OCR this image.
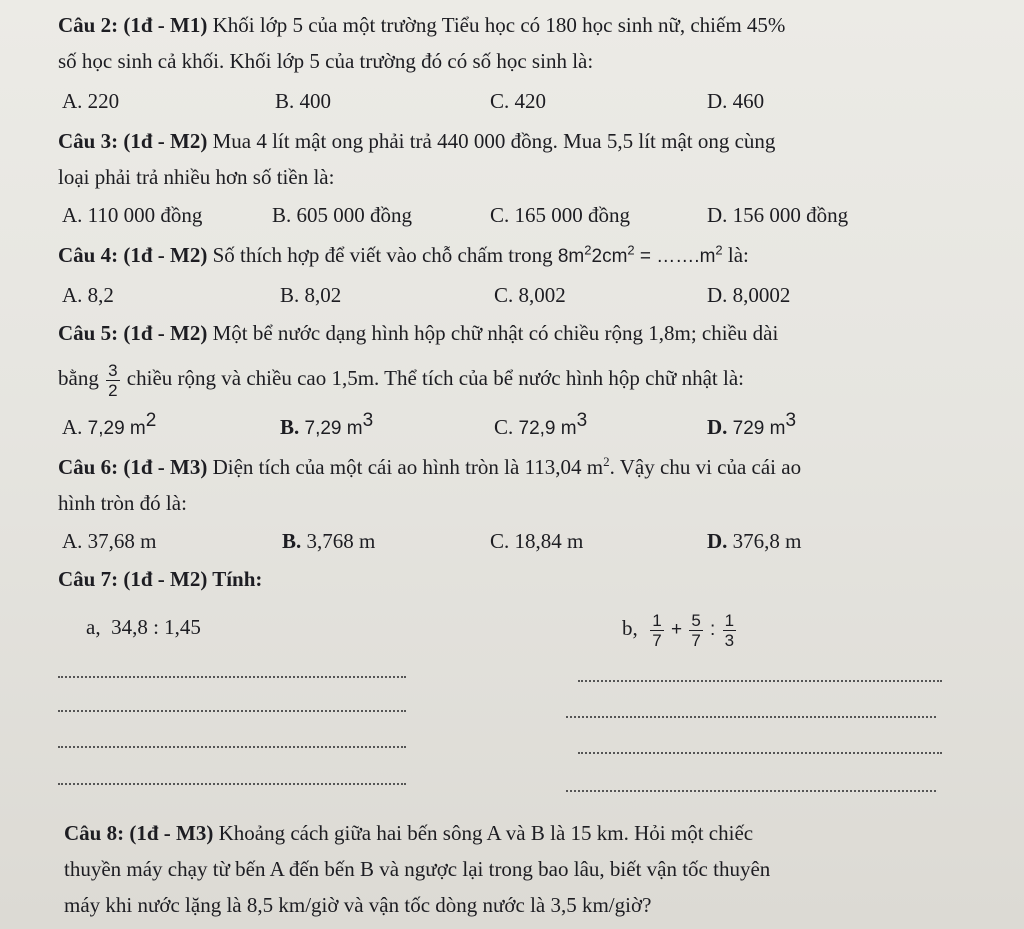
Câu 2: (1đ - M1) Khối lớp 5 của một trường Tiểu học có 180 học sinh nữ, chiếm 45%
số học sinh cả khối. Khối lớp 5 của trường đó có số học sinh là:
A. 220	B. 400	C. 420	D. 460
Câu 3: (1đ - M2) Mua 4 lít mật ong phải trả 440 000 đồng. Mua 5,5 lít mật ong cùng
loại phải trả nhiều hơn số tiền là:
A. 110 000 đồng	B. 605 000 đồng	C. 165 000 đồng	D. 156 000 đồng
Câu 4: (1đ - M2) Số thích hợp để viết vào chỗ chấm trong $8m^22cm^2$ = $\dots\dots.m^2$ là:
A. 8,2	B. 8,02	C. 8,002	D. 8,0002
Câu 5: (1đ - M2) Một bể nước dạng hình hộp chữ nhật có chiều rộng 1,8m; chiều dài
bằng $\frac{3}{2}$ chiều rộng và chiều cao 1,5m. Thể tích của bể nước hình hộp chữ nhật là:
A. 7,29 $m^2$	B. 7,29 $m^3$	C. 72,9 $m^3$	D. 729 $m^3$
Câu 6: (1đ - M3) Diện tích của một cái ao hình tròn là 113,04 $m^2$. Vậy chu vi của cái ao
hình tròn đó là:
A. 37,68 m	B. 3,768 m	C. 18,84 m	D. 376,8 m
Câu 7: (1đ - M2) Tính:
a, 34,8 : 1,45	b, $\frac{1}{7} + \frac{5}{7}$ : $\frac{1}{3}$
Câu 8: (1đ - M3) Khoảng cách giữa hai bến sông A và B là 15 km. Hỏi một chiếc
thuyền máy chạy từ bến A đến bến B và ngược lại trong bao lâu, biết vận tốc thuyên
máy khi nước lặng là 8,5 km/giờ và vận tốc dòng nước là 3,5 km/giờ?
